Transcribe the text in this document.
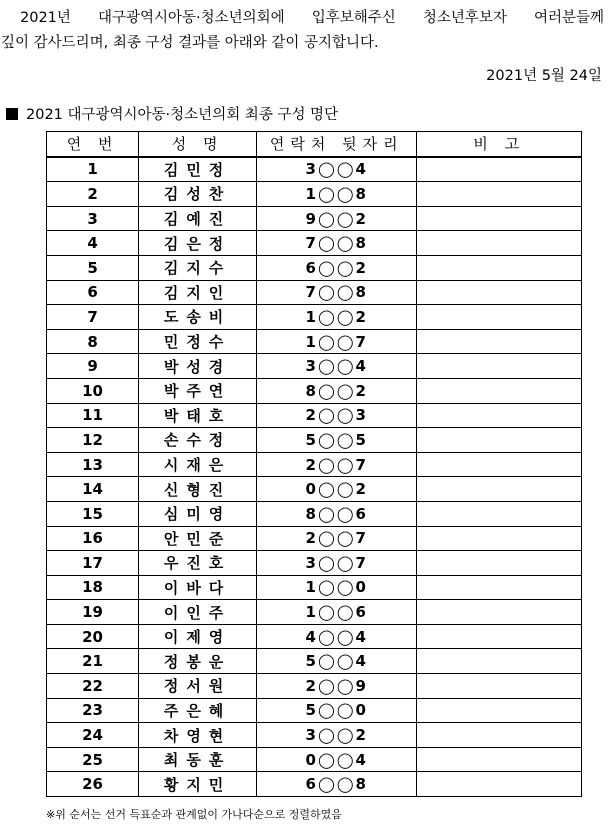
2021년 대구광역시아동·청소년의회에 입후보해주신 청소년후보자 여러분들께
깊이 감사드리며, 최종 구성 결과를 아래와 같이 공지합니다.
2021년 5월 24일
2021 대구광역시아동·청소년의회 최종 구성 명단
연 번	성 명	연락처 뒷자리	비 고
1	김민정	3◯◯4	
2	김성찬	1◯◯8	
3	김예진	9◯◯2	
4	김은정	7◯◯8	
5	김지수	6◯◯2	
6	김지인	7◯◯8	
7	도송비	1◯◯2	
8	민정수	1◯◯7	
9	박성경	3◯◯4	
10	박주연	8◯◯2	
11	박태호	2◯◯3	
12	손수정	5◯◯5	
13	시재은	2◯◯7	
14	신형진	0◯◯2	
15	심미영	8◯◯6	
16	안민준	2◯◯7	
17	우진호	3◯◯7	
18	이바다	1◯◯0	
19	이인주	1◯◯6	
20	이제영	4◯◯4	
21	정봉운	5◯◯4	
22	정서원	2◯◯9	
23	주은혜	5◯◯0	
24	차영현	3◯◯2	
25	최동훈	0◯◯4	
26	황지민	6◯◯8	
※위 순서는 선거 득표순과 관계없이 가나다순으로 정렬하였음
